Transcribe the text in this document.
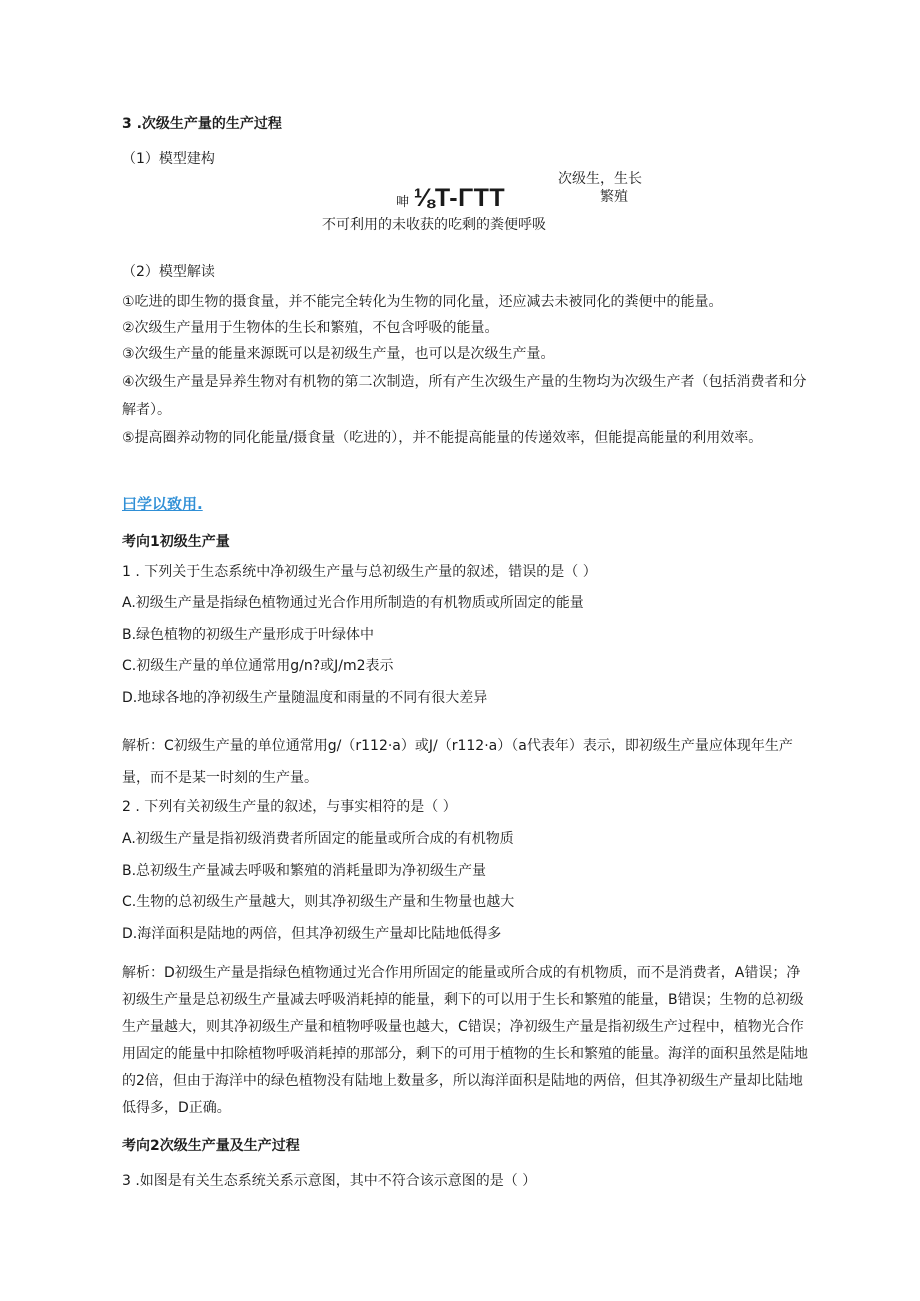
3 .次级生产量的生产过程
（1）模型建构
次级生，生长
繁殖
呻 ⅛T-ΓTT
不可利用的未收获的吃剩的粪便呼吸
（2）模型解读
①吃进的即生物的摄食量，并不能完全转化为生物的同化量，还应减去未被同化的粪便中的能量。
②次级生产量用于生物体的生长和繁殖，不包含呼吸的能量。
③次级生产量的能量来源既可以是初级生产量，也可以是次级生产量。
④次级生产量是异养生物对有机物的第二次制造，所有产生次级生产量的生物均为次级生产者（包括消费者和分解者）。
⑤提高圈养动物的同化能量/摄食量（吃进的），并不能提高能量的传递效率，但能提高能量的利用效率。
曰学以致用.
考向1初级生产量
1 . 下列关于生态系统中净初级生产量与总初级生产量的叙述，错误的是（ ）
A.初级生产量是指绿色植物通过光合作用所制造的有机物质或所固定的能量
B.绿色植物的初级生产量形成于叶绿体中
C.初级生产量的单位通常用g/n?或J/m2表示
D.地球各地的净初级生产量随温度和雨量的不同有很大差异
解析：C初级生产量的单位通常用g/（r112·a）或J/（r112·a）（a代表年）表示，即初级生产量应体现年生产量，而不是某一时刻的生产量。
2 . 下列有关初级生产量的叙述，与事实相符的是（ ）
A.初级生产量是指初级消费者所固定的能量或所合成的有机物质
B.总初级生产量减去呼吸和繁殖的消耗量即为净初级生产量
C.生物的总初级生产量越大，则其净初级生产量和生物量也越大
D.海洋面积是陆地的两倍，但其净初级生产量却比陆地低得多
解析：D初级生产量是指绿色植物通过光合作用所固定的能量或所合成的有机物质，而不是消费者，A错误；净初级生产量是总初级生产量减去呼吸消耗掉的能量，剩下的可以用于生长和繁殖的能量，B错误；生物的总初级生产量越大，则其净初级生产量和植物呼吸量也越大，C错误；净初级生产量是指初级生产过程中，植物光合作用固定的能量中扣除植物呼吸消耗掉的那部分，剩下的可用于植物的生长和繁殖的能量。海洋的面积虽然是陆地的2倍，但由于海洋中的绿色植物没有陆地上数量多，所以海洋面积是陆地的两倍，但其净初级生产量却比陆地低得多，D正确。
考向2次级生产量及生产过程
3 .如图是有关生态系统关系示意图，其中不符合该示意图的是（ ）
